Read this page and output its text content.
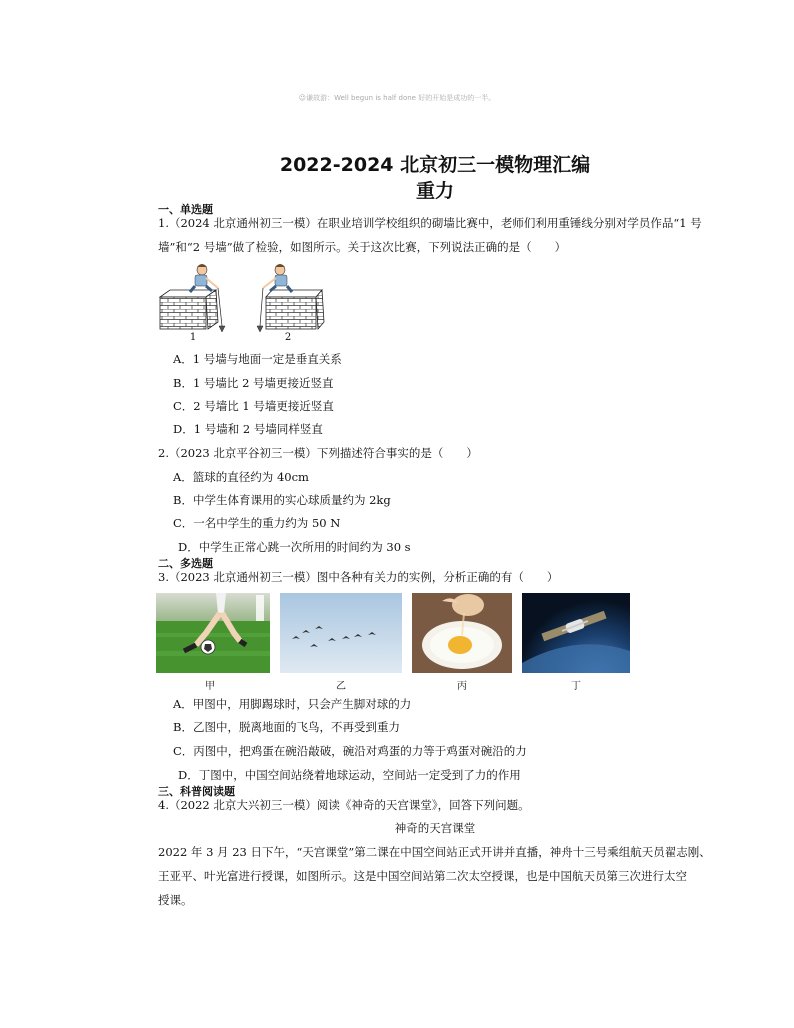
☺谦故游：Well begun is half done 好的开始是成功的一半。
2022-2024 北京初三一模物理汇编
重力
一、单选题
1.（2024 北京通州初三一模）在职业培训学校组织的砌墙比赛中，老师们利用重锤线分别对学员作品“1 号
墙”和“2 号墙”做了检验，如图所示。关于这次比赛，下列说法正确的是（　　）
1	2
A．1 号墙与地面一定是垂直关系
B．1 号墙比 2 号墙更接近竖直
C．2 号墙比 1 号墙更接近竖直
D．1 号墙和 2 号墙同样竖直
2.（2023 北京平谷初三一模）下列描述符合事实的是（　　）
A．篮球的直径约为 40cm
B．中学生体育课用的实心球质量约为 2kg
C．一名中学生的重力约为 50 N
D．中学生正常心跳一次所用的时间约为 30 s
二、多选题
3.（2023 北京通州初三一模）图中各种有关力的实例，分析正确的有（　　）
甲	乙	丙	丁
A．甲图中，用脚踢球时，只会产生脚对球的力
B．乙图中，脱离地面的飞鸟，不再受到重力
C．丙图中，把鸡蛋在碗沿敲破，碗沿对鸡蛋的力等于鸡蛋对碗沿的力
D．丁图中，中国空间站绕着地球运动，空间站一定受到了力的作用
三、科普阅读题
4.（2022 北京大兴初三一模）阅读《神奇的天宫课堂》，回答下列问题。
神奇的天宫课堂
2022 年 3 月 23 日下午，“天宫课堂”第二课在中国空间站正式开讲并直播，神舟十三号乘组航天员翟志刚、
王亚平、叶光富进行授课，如图所示。这是中国空间站第二次太空授课，也是中国航天员第三次进行太空
授课。
